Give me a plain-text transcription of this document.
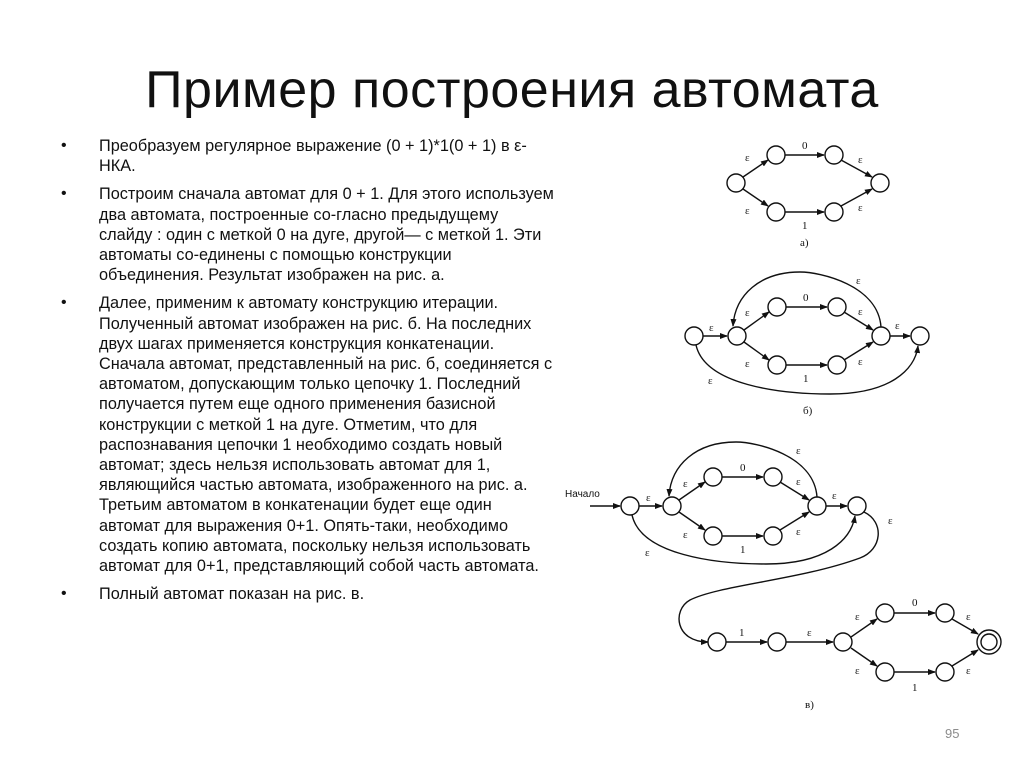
Пример построения автомата
• Преобразуем регулярное выражение (0 + 1)*1(0 + 1) в ε-НКА.
• Построим сначала автомат для 0 + 1. Для этого используем два автомата, построенные со-гласно предыдущему слайду : один с меткой 0 на дуге, другой— с меткой 1. Эти автоматы со-единены с помощью конструкции объединения. Результат изображен на рис. а.
• Далее, применим к автомату конструкцию итерации. Полученный автомат изображен на рис. б. На последних двух шагах применяется конструкция конкатенации. Сначала автомат, представленный на рис. б, соединяется с автоматом, допускающим только цепочку 1. Последний получается путем еще одного применения базисной конструкции с меткой 1 на дуге. Отметим, что для распознавания цепочки 1 необходимо создать новый автомат; здесь нельзя использовать автомат для 1, являющийся частью автомата, изображенного на рис. а. Третьим автоматом в конкатенации будет еще один автомат для выражения 0+1. Опять-таки, необходимо создать копию автомата, поскольку нельзя использовать автомат для 0+1, представляющий собой часть автомата.
• Полный автомат показан на рис. в.
ε
ε
0
1
ε
ε
а)
ε
ε
ε
0
1
ε
ε
ε
ε
ε
б)
Начало	ε
ε
ε
0
1
ε
ε
ε
ε
ε
ε
1	ε
ε
ε
0
1
ε
ε
в)
95
